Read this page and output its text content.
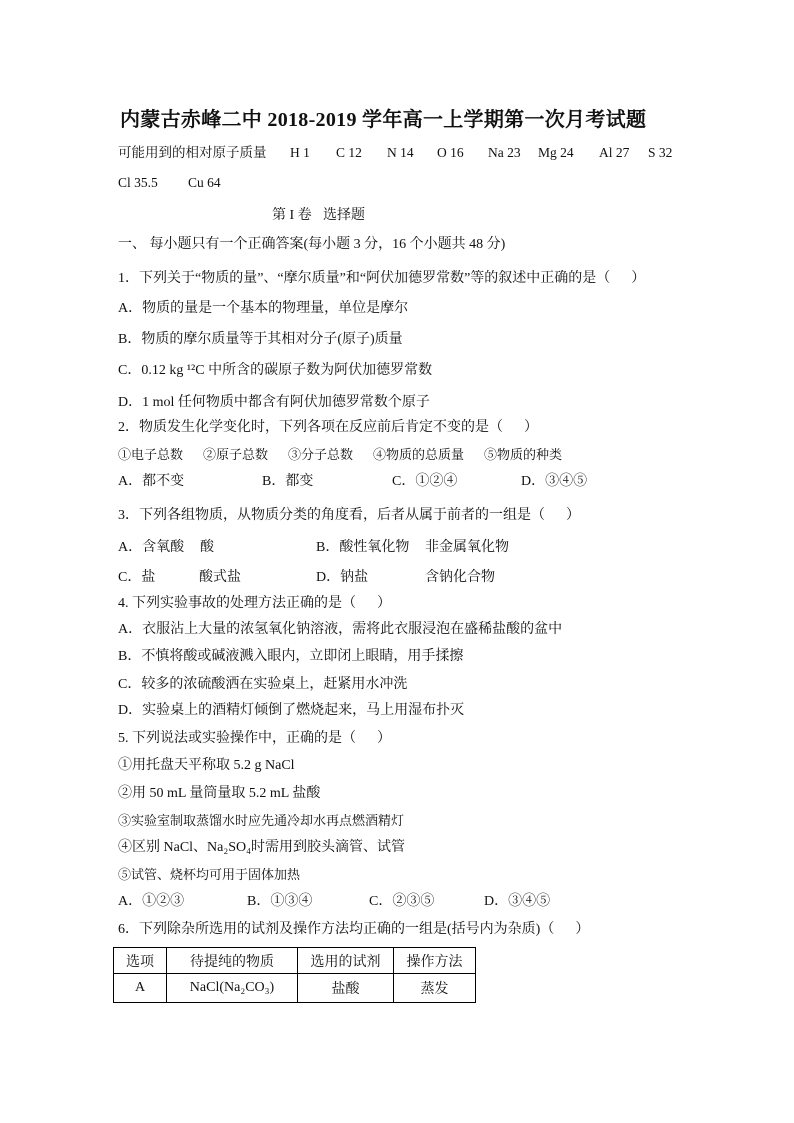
内蒙古赤峰二中 2018-2019 学年高一上学期第一次月考试题
可能用到的相对原子质量 H 1 C 12 N 14 O 16 Na 23 Mg 24 Al 27 S 32
Cl 35.5 Cu 64
第 I 卷 选择题
一、 每小题只有一个正确答案(每小题 3 分，16 个小题共 48 分)
1．下列关于“物质的量”、“摩尔质量”和“阿伏加德罗常数”等的叙述中正确的是（      ）
A．物质的量是一个基本的物理量，单位是摩尔
B．物质的摩尔质量等于其相对分子(原子)质量
C．0.12 kg ¹²C 中所含的碳原子数为阿伏加德罗常数
D．1 mol 任何物质中都含有阿伏加德罗常数个原子
2．物质发生化学变化时，下列各项在反应前后肯定不变的是（      ）
①电子总数 ②原子总数 ③分子总数 ④物质的总质量 ⑤物质的种类
A．都不变	B．都变	C．①②④	D．③④⑤
3．下列各组物质，从物质分类的角度看，后者从属于前者的一组是（      ）
A．含氧酸 酸	B．酸性氧化物 非金属氧化物
C．盐	酸式盐	D．钠盐	含钠化合物
4. 下列实验事故的处理方法正确的是（      ）
A．衣服沾上大量的浓氢氧化钠溶液，需将此衣服浸泡在盛稀盐酸的盆中
B．不慎将酸或碱液溅入眼内，立即闭上眼睛，用手揉擦
C．较多的浓硫酸洒在实验桌上，赶紧用水冲洗
D．实验桌上的酒精灯倾倒了燃烧起来，马上用湿布扑灭
5. 下列说法或实验操作中，正确的是（      ）
①用托盘天平称取 5.2 g NaCl
②用 50 mL 量筒量取 5.2 mL 盐酸
③实验室制取蒸馏水时应先通冷却水再点燃酒精灯
④区别 NaCl、Na₂SO₄时需用到胶头滴管、试管
⑤试管、烧杯均可用于固体加热
A．①②③	B．①③④	C．②③⑤	D．③④⑤
6．下列除杂所选用的试剂及操作方法均正确的一组是(括号内为杂质)（      ）
选项	待提纯的物质	选用的试剂	操作方法
A	NaCl(Na₂CO₃)	盐酸	蒸发
